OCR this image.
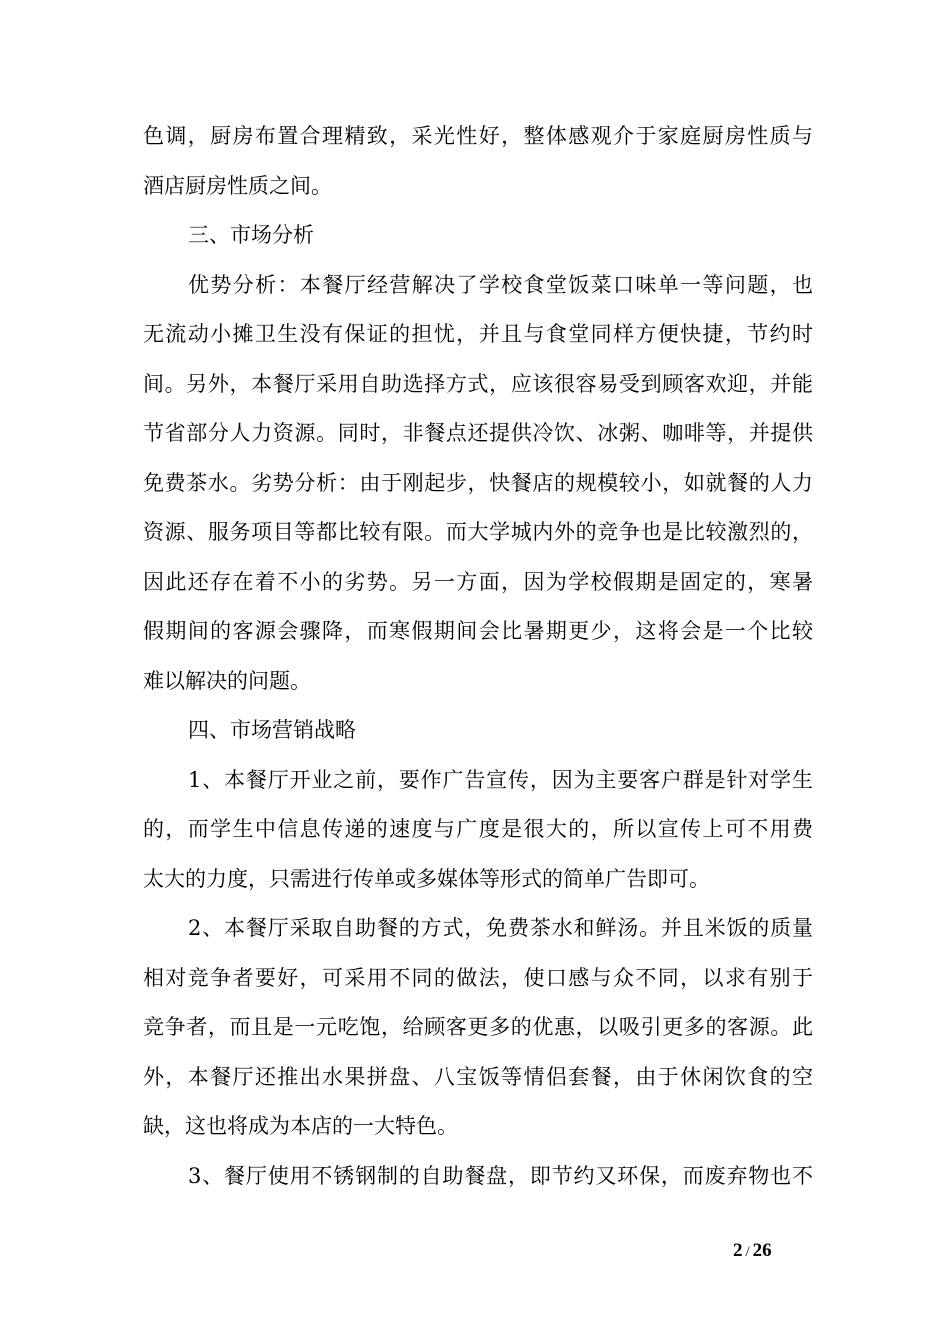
色调，厨房布置合理精致，采光性好，整体感观介于家庭厨房性质与
酒店厨房性质之间。
三、市场分析
优势分析：本餐厅经营解决了学校食堂饭菜口味单一等问题，也
无流动小摊卫生没有保证的担忧，并且与食堂同样方便快捷，节约时
间。另外，本餐厅采用自助选择方式，应该很容易受到顾客欢迎，并能
节省部分人力资源。同时，非餐点还提供冷饮、冰粥、咖啡等，并提供
免费茶水。劣势分析：由于刚起步，快餐店的规模较小，如就餐的人力
资源、服务项目等都比较有限。而大学城内外的竞争也是比较激烈的，
因此还存在着不小的劣势。另一方面，因为学校假期是固定的，寒暑
假期间的客源会骤降，而寒假期间会比暑期更少，这将会是一个比较
难以解决的问题。
四、市场营销战略
1、本餐厅开业之前，要作广告宣传，因为主要客户群是针对学生
的，而学生中信息传递的速度与广度是很大的，所以宣传上可不用费
太大的力度，只需进行传单或多媒体等形式的简单广告即可。
2、本餐厅采取自助餐的方式，免费茶水和鲜汤。并且米饭的质量
相对竞争者要好，可采用不同的做法，使口感与众不同，以求有别于
竞争者，而且是一元吃饱，给顾客更多的优惠，以吸引更多的客源。此
外，本餐厅还推出水果拼盘、八宝饭等情侣套餐，由于休闲饮食的空
缺，这也将成为本店的一大特色。
3、餐厅使用不锈钢制的自助餐盘，即节约又环保，而废弃物也不
2 / 26
